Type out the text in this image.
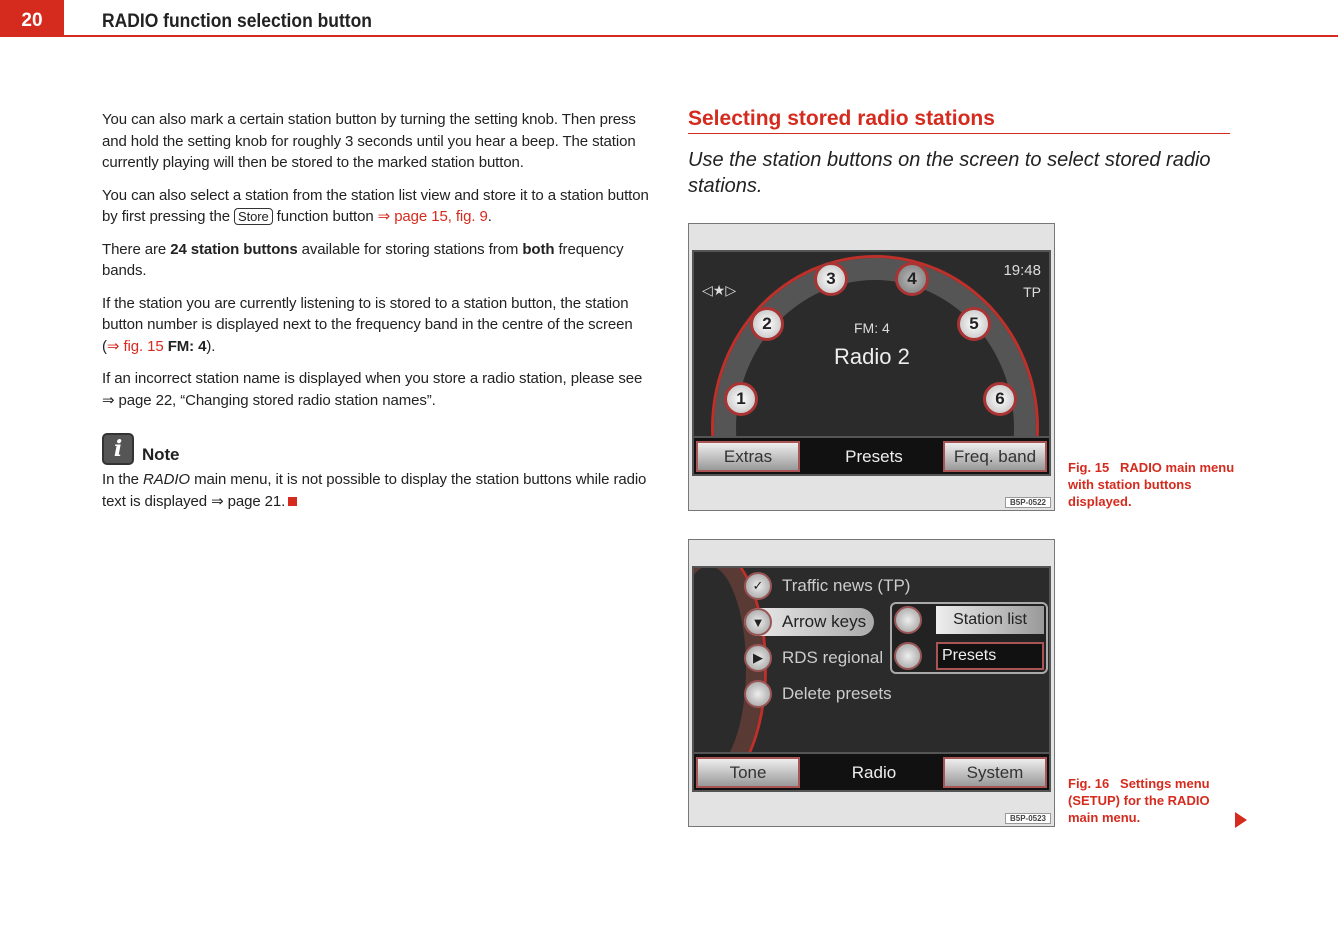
20	RADIO function selection button

You can also mark a certain station button by turning the setting knob. Then press and hold the setting knob for roughly 3 seconds until you hear a beep. The station currently playing will then be stored to the marked station button.

You can also select a station from the station list view and store it to a station button by first pressing the Store function button ⇒ page 15, fig. 9.

There are 24 station buttons available for storing stations from both frequency bands.

If the station you are currently listening to is stored to a station button, the station button number is displayed next to the frequency band in the centre of the screen (⇒ fig. 15 FM: 4).

If an incorrect station name is displayed when you store a radio station, please see ⇒ page 22, “Changing stored radio station names”.

i	Note

In the RADIO main menu, it is not possible to display the station buttons while radio text is displayed ⇒ page 21.

Selecting stored radio stations
Use the station buttons on the screen to select stored radio stations.
◁★▷
19:48
TP
FM: 4
Radio 2
1
2
3	4
5
6
Extras	Presets	Freq. band
B5P-0522
Fig. 15 RADIO main menu with station buttons displayed.
✓	Traffic news (TP)
▼	Arrow keys
▶	RDS regional
Delete presets
Station list
Presets
Tone	Radio	System
B5P-0523
Fig. 16 Settings menu (SETUP) for the RADIO main menu.
